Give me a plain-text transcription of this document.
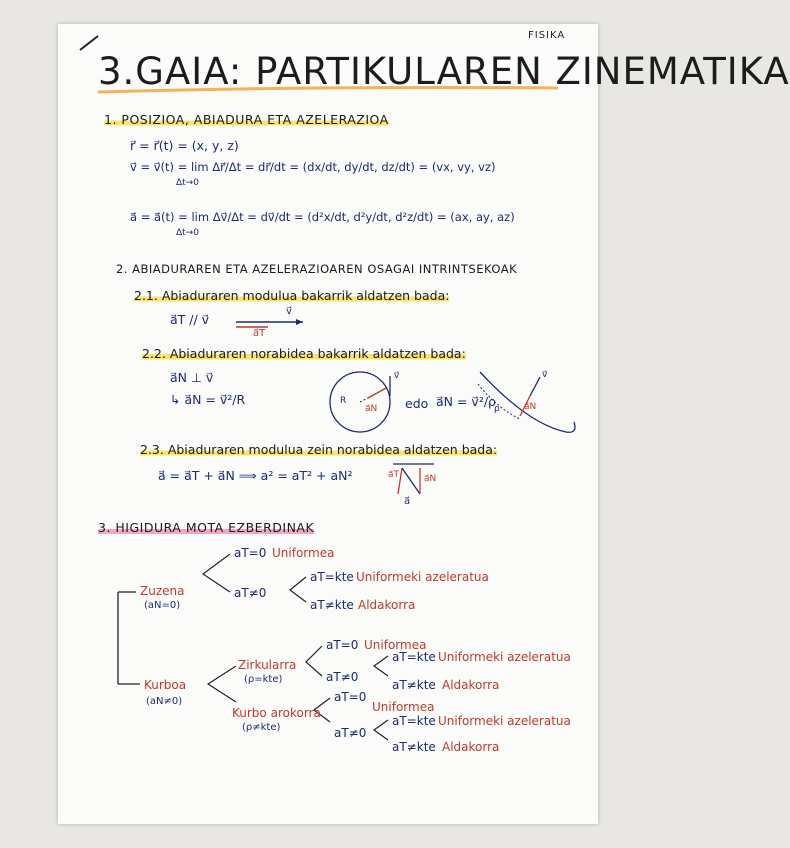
FISIKA
3.GAIA: PARTIKULAREN ZINEMATIKA
1. POSIZIOA, ABIADURA ETA AZELERAZIOA
r⃗ = r⃗(t) = (x, y, z)
v⃗ = v⃗(t) = lim Δr⃗/Δt = dr⃗/dt = (dx/dt, dy/dt, dz/dt) = (vx, vy, vz)
Δt→0
a⃗ = a⃗(t) = lim Δv⃗/Δt = dv⃗/dt = (d²x/dt, d²y/dt, d²z/dt) = (ax, ay, az)
Δt→0
2. ABIADURAREN ETA AZELERAZIOAREN OSAGAI INTRINTSEKOAK
2.1. Abiaduraren modulua bakarrik aldatzen bada:
a⃗T // v⃗
v⃗
a⃗T
2.2. Abiaduraren norabidea bakarrik aldatzen bada:
a⃗N ⊥ v⃗
↳ a⃗N = v⃗²/R	R
a⃗N
v⃗
edo a⃗N = v⃗²/ρ
ρ	a⃗N
v⃗
2.3. Abiaduraren modulua zein norabidea aldatzen bada:
a⃗ = a⃗T + a⃗N ⟹ a² = aT² + aN²	a⃗T	a⃗N
a⃗
3. HIGIDURA MOTA EZBERDINAK
Zuzena
(aN=0)
aT=0 Uniformea
aT≠0
aT=kte Uniformeki azeleratua
aT≠kte Aldakorra
Kurboa
(aN≠0)
Zirkularra
(ρ=kte)
aT=0 Uniformea
aT≠0
aT=kte Uniformeki azeleratua
aT≠kte Aldakorra
Kurbo arokorra
(ρ≠kte)
aT=0
Uniformea
aT≠0
aT=kte Uniformeki azeleratua
aT≠kte Aldakorra
